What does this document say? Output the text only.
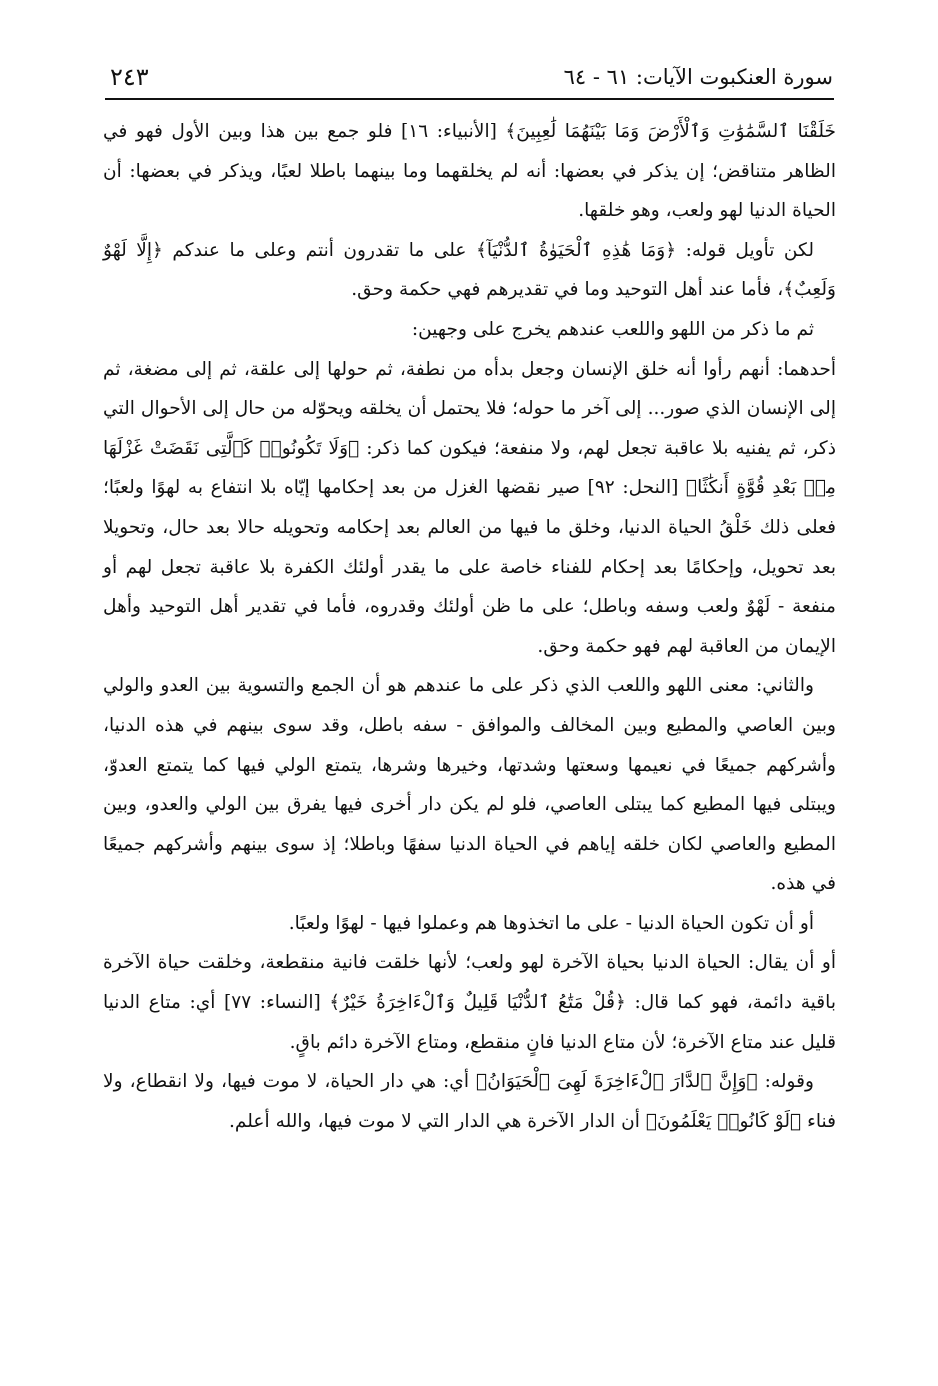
سورة العنكبوت الآيات: ٦١ - ٦٤
٢٤٣

خَلَقْنَا ٱلسَّمَٰوَٰتِ وَٱلْأَرْضَ وَمَا بَيْنَهُمَا لَٰعِبِينَ﴾ [الأنبياء: ١٦] فلو جمع بين هذا وبين الأول فهو في الظاهر متناقض؛ إن يذكر في بعضها: أنه لم يخلقهما وما بينهما باطلا لعبًا، ويذكر في بعضها: أن الحياة الدنيا لهو ولعب، وهو خلقها.

لكن تأويل قوله: ﴿وَمَا هَٰذِهِ ٱلْحَيَوٰةُ ٱلدُّنْيَآ﴾ على ما تقدرون أنتم وعلى ما عندكم ﴿إِلَّا لَهْوٌ وَلَعِبٌ﴾، فأما عند أهل التوحيد وما في تقديرهم فهي حكمة وحق.

ثم ما ذكر من اللهو واللعب عندهم يخرج على وجهين:

أحدهما: أنهم رأوا أنه خلق الإنسان وجعل بدأه من نطفة، ثم حولها إلى علقة، ثم إلى مضغة، ثم إلى الإنسان الذي صور... إلى آخر ما حوله؛ فلا يحتمل أن يخلقه ويحوّله من حال إلى الأحوال التي ذكر، ثم يفنيه بلا عاقبة تجعل لهم، ولا منفعة؛ فيكون كما ذكر: ﴿وَلَا تَكُونُوا۟ كَٱلَّتِى نَقَضَتْ غَزْلَهَا مِنۢ بَعْدِ قُوَّةٍ أَنكَٰثًا﴾ [النحل: ٩٢] صير نقضها الغزل من بعد إحكامها إيّاه بلا انتفاع به لهوًا ولعبًا؛ فعلى ذلك خَلْقُ الحياة الدنيا، وخلق ما فيها من العالم بعد إحكامه وتحويله حالا بعد حال، وتحويلا بعد تحويل، وإحكامًا بعد إحكام للفناء خاصة على ما يقدر أولئك الكفرة بلا عاقبة تجعل لهم أو منفعة - لَهْوٌ ولعب وسفه وباطل؛ على ما ظن أولئك وقدروه، فأما في تقدير أهل التوحيد وأهل الإيمان من العاقبة لهم فهو حكمة وحق.

والثاني: معنى اللهو واللعب الذي ذكر على ما عندهم هو أن الجمع والتسوية بين العدو والولي وبين العاصي والمطيع وبين المخالف والموافق - سفه باطل، وقد سوى بينهم في هذه الدنيا، وأشركهم جميعًا في نعيمها وسعتها وشدتها، وخيرها وشرها، يتمتع الولي فيها كما يتمتع العدوّ، ويبتلى فيها المطيع كما يبتلى العاصي، فلو لم يكن دار أخرى فيها يفرق بين الولي والعدو، وبين المطيع والعاصي لكان خلقه إياهم في الحياة الدنيا سفهًا وباطلا؛ إذ سوى بينهم وأشركهم جميعًا في هذه.

أو أن تكون الحياة الدنيا - على ما اتخذوها هم وعملوا فيها - لهوًا ولعبًا.

أو أن يقال: الحياة الدنيا بحياة الآخرة لهو ولعب؛ لأنها خلقت فانية منقطعة، وخلقت حياة الآخرة باقية دائمة، فهو كما قال: ﴿قُلْ مَتَٰعُ ٱلدُّنْيَا قَلِيلٌ وَٱلْءَاخِرَةُ خَيْرٌ﴾ [النساء: ٧٧] أي: متاع الدنيا قليل عند متاع الآخرة؛ لأن متاع الدنيا فانٍ منقطع، ومتاع الآخرة دائم باقٍ.

وقوله: ﴿وَإِنَّ ٱلدَّارَ ٱلْءَاخِرَةَ لَهِىَ ٱلْحَيَوَانُ﴾ أي: هي دار الحياة، لا موت فيها، ولا انقطاع، ولا فناء ﴿لَوْ كَانُوا۟ يَعْلَمُونَ﴾ أن الدار الآخرة هي الدار التي لا موت فيها، والله أعلم.
